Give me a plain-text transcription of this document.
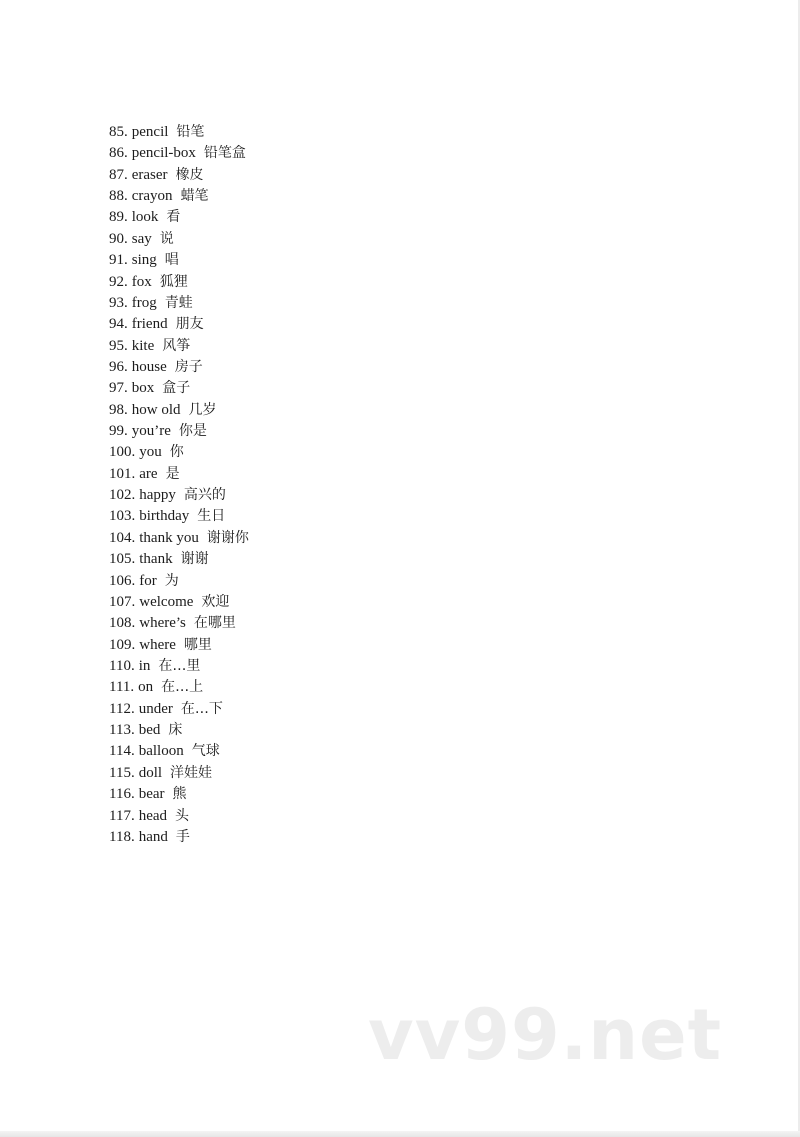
85. pencil 铅笔
86. pencil-box 铅笔盒
87. eraser 橡皮
88. crayon 蜡笔
89. look 看
90. say 说
91. sing 唱
92. fox 狐狸
93. frog 青蛙
94. friend 朋友
95. kite 风筝
96. house 房子
97. box 盒子
98. how old 几岁
99. you’re 你是
100. you 你
101. are 是
102. happy 高兴的
103. birthday 生日
104. thank you 谢谢你
105. thank 谢谢
106. for 为
107. welcome 欢迎
108. where’s 在哪里
109. where 哪里
110. in 在…里
111. on 在…上
112. under 在…下
113. bed 床
114. balloon 气球
115. doll 洋娃娃
116. bear 熊
117. head 头
118. hand 手
vv99.net
